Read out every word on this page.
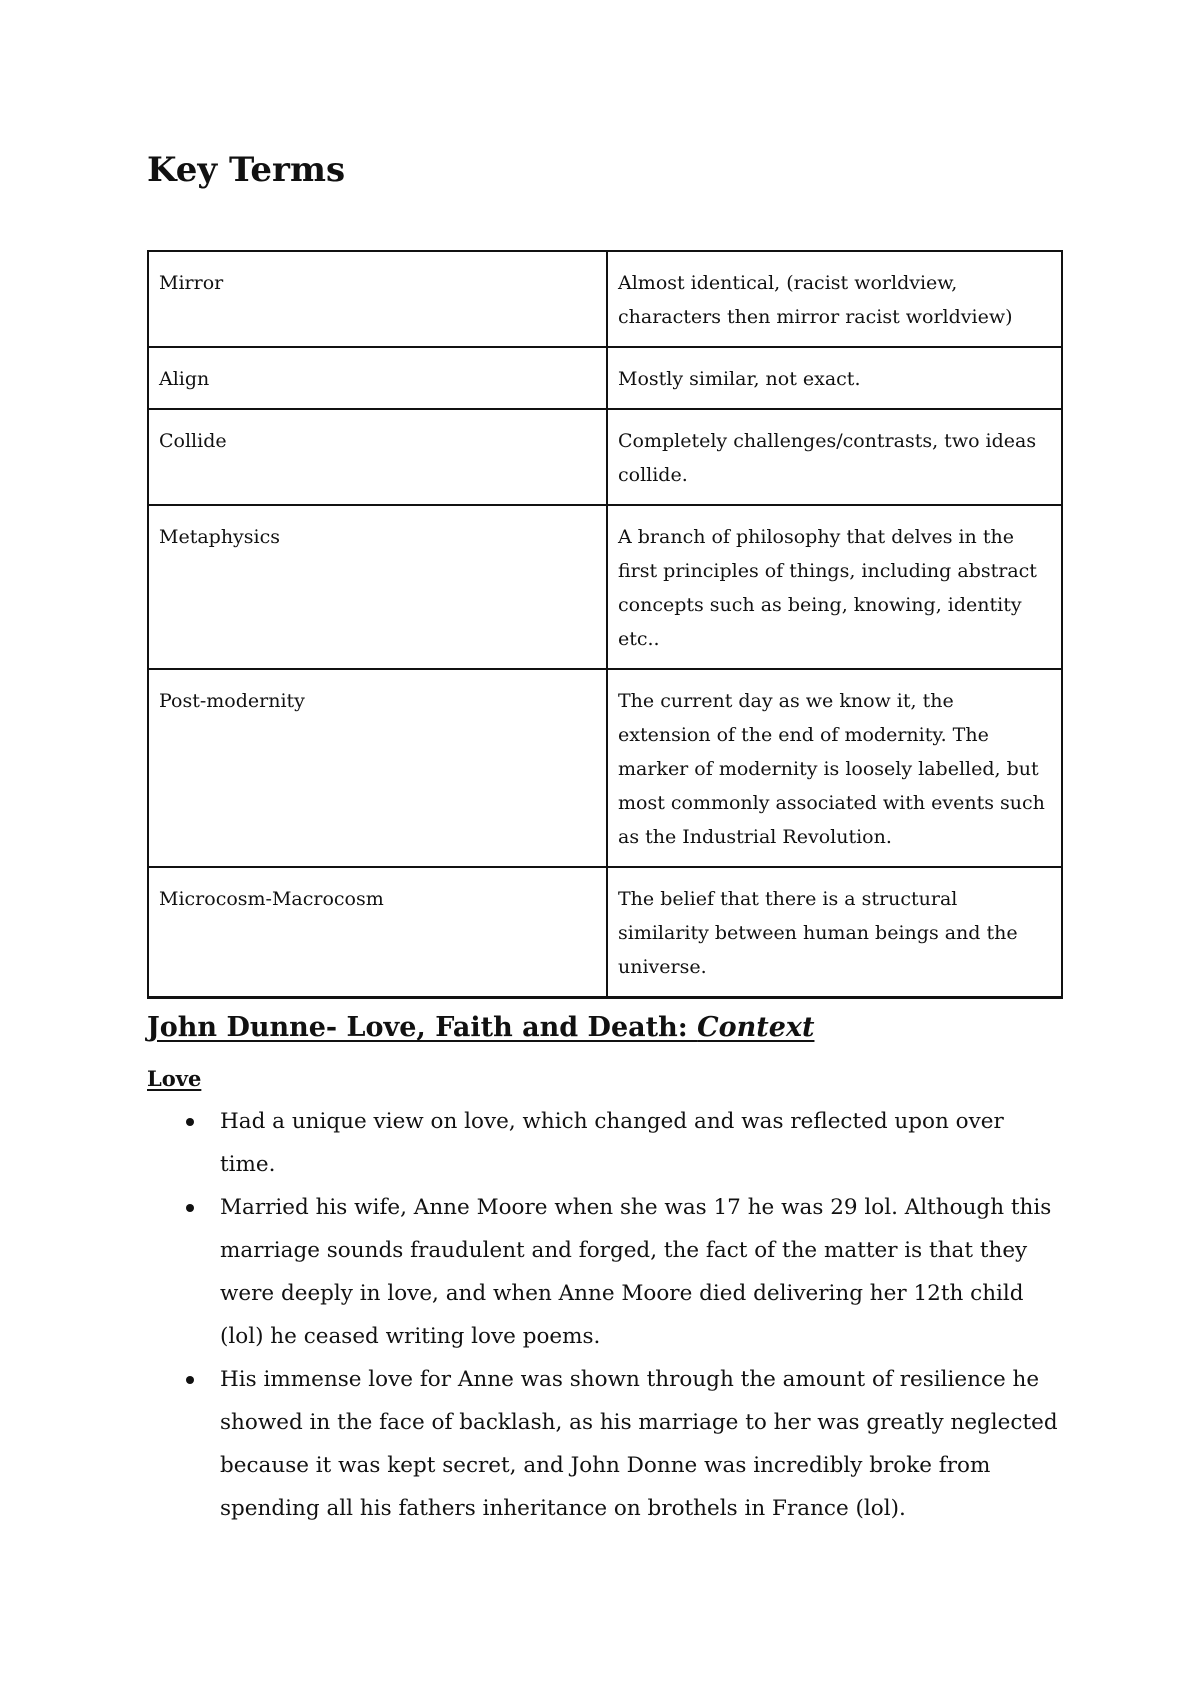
Key Terms
Mirror	Almost identical, (racist worldview, characters then mirror racist worldview)
Align	Mostly similar, not exact.
Collide	Completely challenges/contrasts, two ideas collide.
Metaphysics	A branch of philosophy that delves in the first principles of things, including abstract concepts such as being, knowing, identity etc..
Post-modernity	The current day as we know it, the extension of the end of modernity. The marker of modernity is loosely labelled, but most commonly associated with events such as the Industrial Revolution.
Microcosm-Macrocosm	The belief that there is a structural similarity between human beings and the universe.
John Dunne- Love, Faith and Death: Context
Love
Had a unique view on love, which changed and was reflected upon over time.
Married his wife, Anne Moore when she was 17 he was 29 lol. Although this marriage sounds fraudulent and forged, the fact of the matter is that they were deeply in love, and when Anne Moore died delivering her 12th child (lol) he ceased writing love poems.
His immense love for Anne was shown through the amount of resilience he showed in the face of backlash, as his marriage to her was greatly neglected because it was kept secret, and John Donne was incredibly broke from spending all his fathers inheritance on brothels in France (lol).
